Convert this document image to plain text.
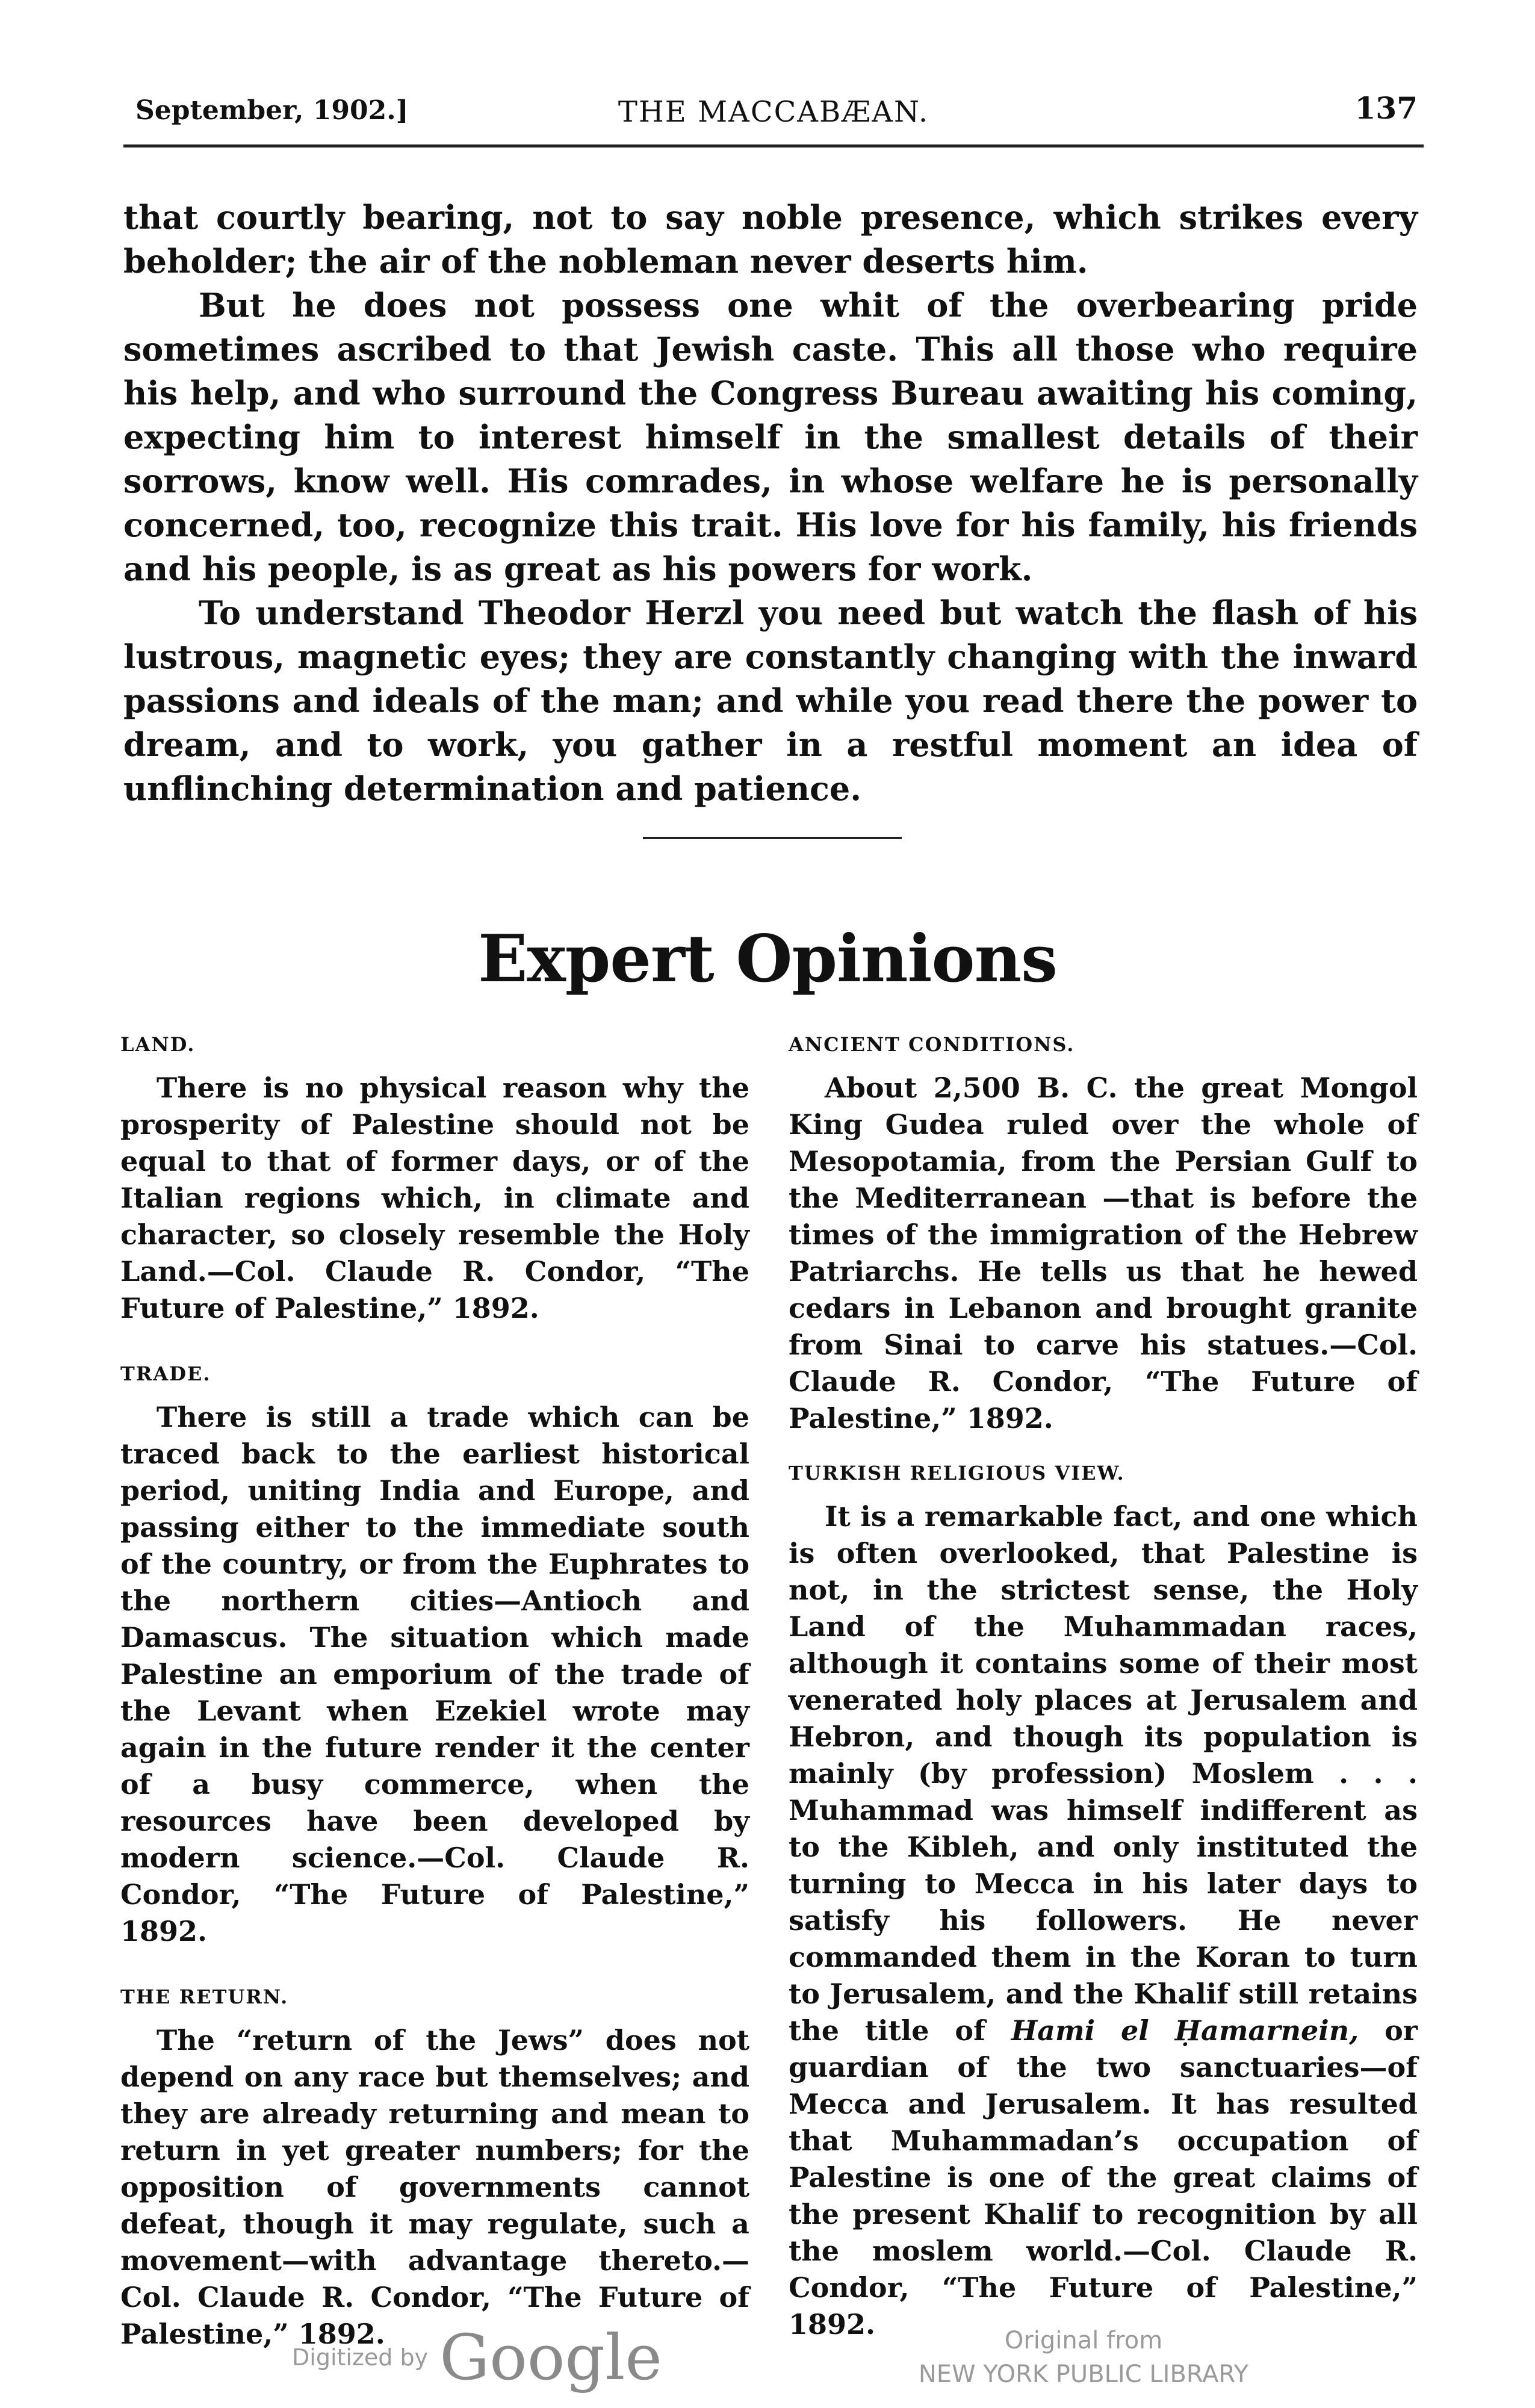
September, 1902.]	THE MACCABÆAN.	137

that courtly bearing, not to say noble presence, which strikes every beholder; the air of the nobleman never deserts him.

But he does not possess one whit of the overbearing pride sometimes ascribed to that Jewish caste. This all those who require his help, and who surround the Congress Bureau awaiting his coming, expecting him to interest himself in the smallest details of their sorrows, know well. His comrades, in whose welfare he is personally concerned, too, recognize this trait. His love for his family, his friends and his people, is as great as his powers for work.

To understand Theodor Herzl you need but watch the flash of his lustrous, magnetic eyes; they are constantly changing with the inward passions and ideals of the man; and while you read there the power to dream, and to work, you gather in a restful moment an idea of unflinching determination and patience.

Expert Opinions
LAND.

There is no physical reason why the prosperity of Palestine should not be equal to that of former days, or of the Italian regions which, in climate and character, so closely resemble the Holy Land.—Col. Claude R. Condor, “The Future of Palestine,” 1892.

TRADE.

There is still a trade which can be traced back to the earliest historical period, uniting India and Europe, and passing either to the immediate south of the country, or from the Euphrates to the northern cities—Antioch and Damascus. The situation which made Palestine an emporium of the trade of the Levant when Ezekiel wrote may again in the future render it the center of a busy commerce, when the resources have been developed by modern science.—Col. Claude R. Condor, “The Future of Palestine,” 1892.

THE RETURN.

The “return of the Jews” does not depend on any race but themselves; and they are already returning and mean to return in yet greater numbers; for the opposition of governments cannot defeat, though it may regulate, such a movement—with advantage thereto.—Col. Claude R. Condor, “The Future of Palestine,” 1892.

ANCIENT CONDITIONS.

About 2,500 B. C. the great Mongol King Gudea ruled over the whole of Mesopotamia, from the Persian Gulf to the Mediterranean —that is before the times of the immigration of the Hebrew Patriarchs. He tells us that he hewed cedars in Lebanon and brought granite from Sinai to carve his statues.—Col. Claude R. Condor, “The Future of Palestine,” 1892.

TURKISH RELIGIOUS VIEW.

It is a remarkable fact, and one which is often overlooked, that Palestine is not, in the strictest sense, the Holy Land of the Muhammadan races, although it contains some of their most venerated holy places at Jerusalem and Hebron, and though its population is mainly (by profession) Moslem . . . Muhammad was himself indifferent as to the Kibleh, and only instituted the turning to Mecca in his later days to satisfy his followers. He never commanded them in the Koran to turn to Jerusalem, and the Khalif still retains the title of Hami el Ḥamarnein, or guardian of the two sanctuaries—of Mecca and Jerusalem. It has resulted that Muhammadan’s occupation of Palestine is one of the great claims of the present Khalif to recognition by all the moslem world.—Col. Claude R. Condor, “The Future of Palestine,” 1892.

Digitized by Google	Original from
NEW YORK PUBLIC LIBRARY
